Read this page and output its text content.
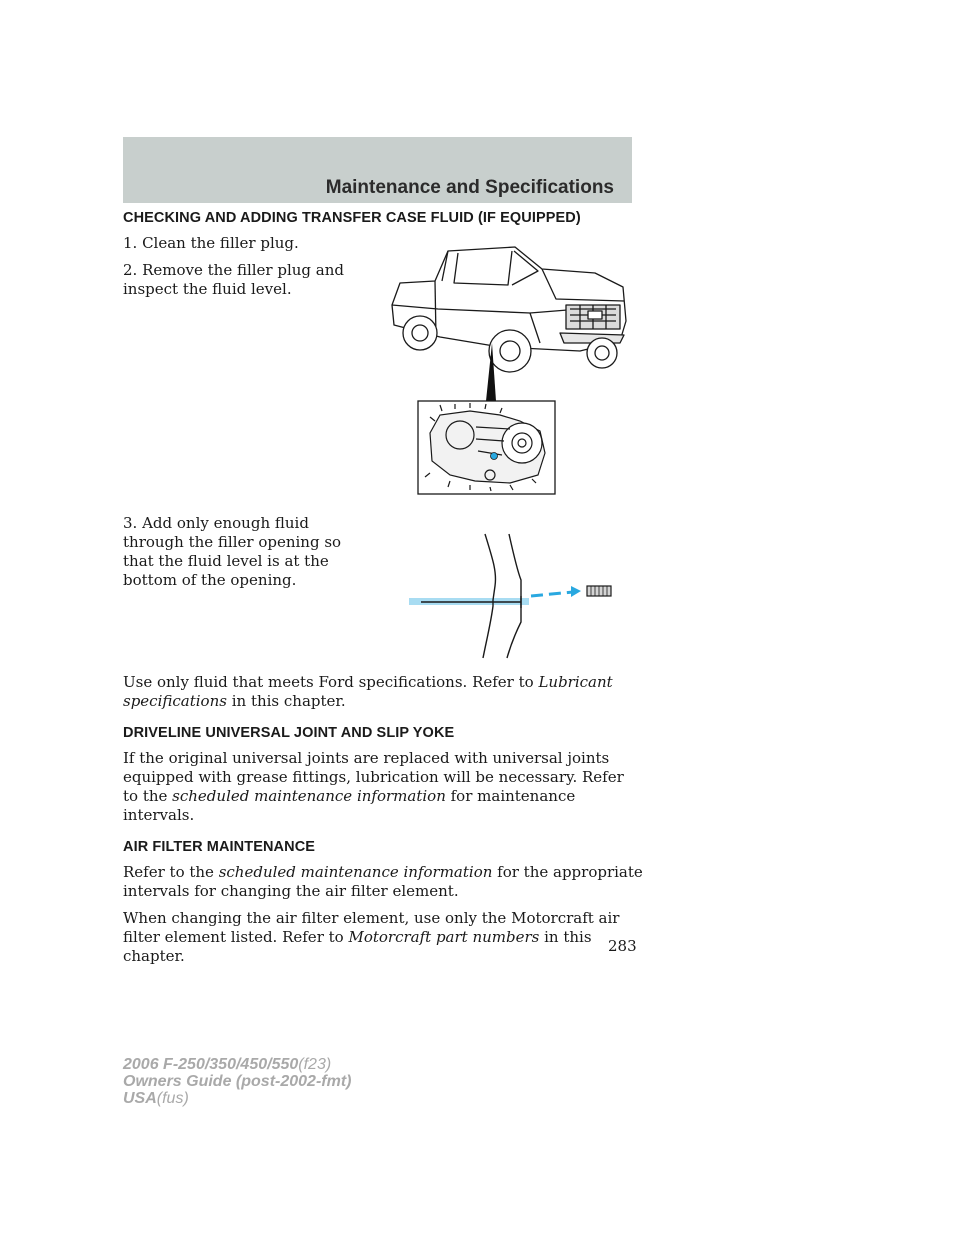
Maintenance and Specifications
CHECKING AND ADDING TRANSFER CASE FLUID (IF EQUIPPED)

1. Clean the filler plug.

2. Remove the filler plug and inspect the fluid level.

3. Add only enough fluid through the filler opening so that the fluid level is at the bottom of the opening.

Use only fluid that meets Ford specifications. Refer to Lubricant specifications in this chapter.

DRIVELINE UNIVERSAL JOINT AND SLIP YOKE

If the original universal joints are replaced with universal joints equipped with grease fittings, lubrication will be necessary. Refer to the scheduled maintenance information for maintenance intervals.

AIR FILTER MAINTENANCE

Refer to the scheduled maintenance information for the appropriate intervals for changing the air filter element.

When changing the air filter element, use only the Motorcraft air filter element listed. Refer to Motorcraft part numbers in this chapter.

283
2006 F-250/350/450/550(f23)
Owners Guide (post-2002-fmt)
USA(fus)
